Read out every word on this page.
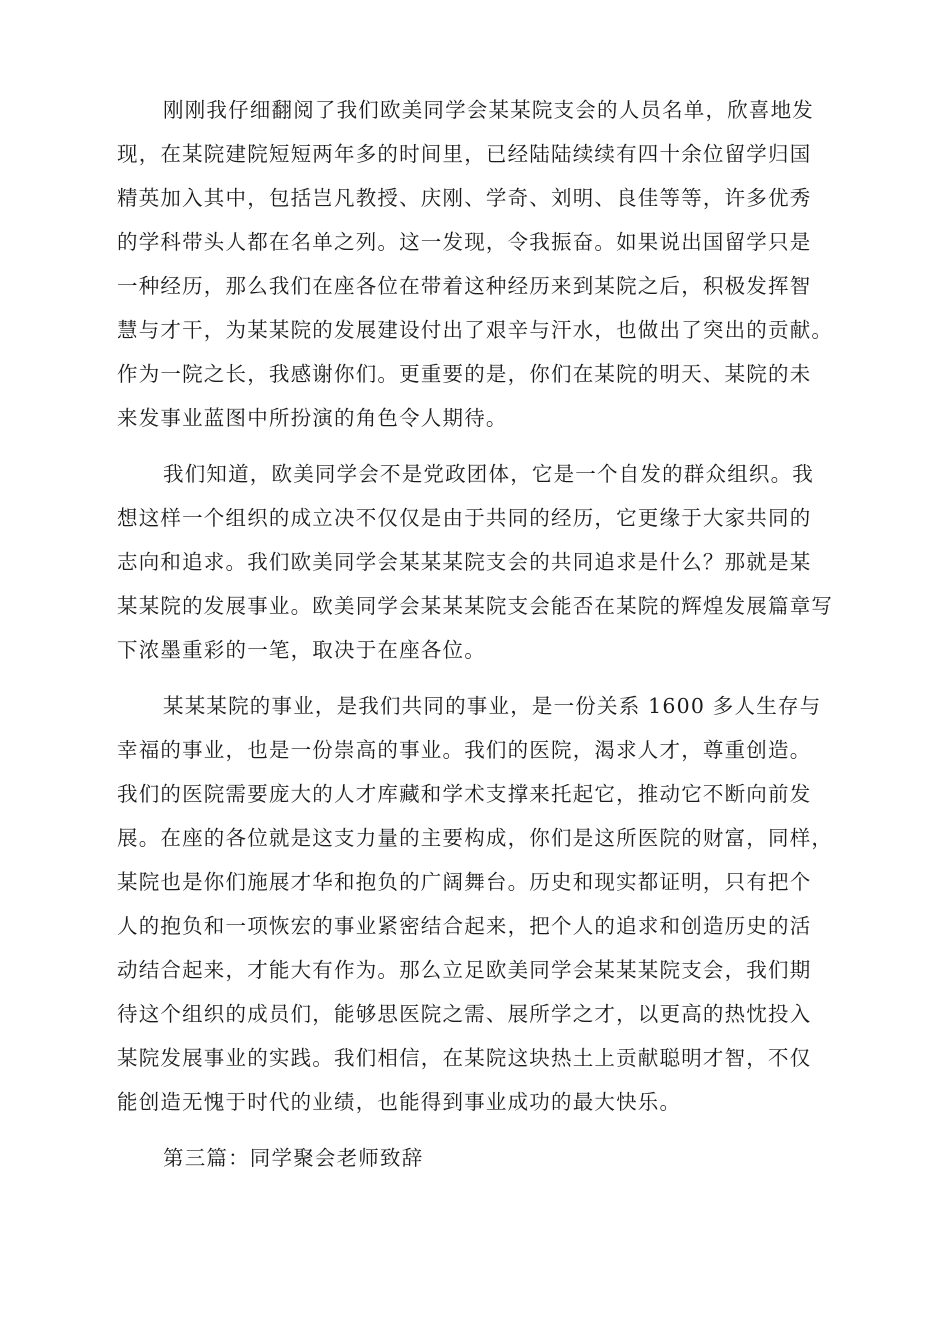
刚刚我仔细翻阅了我们欧美同学会某某院支会的人员名单，欣喜地发

现，在某院建院短短两年多的时间里，已经陆陆续续有四十余位留学归国

精英加入其中，包括岂凡教授、庆刚、学奇、刘明、良佳等等，许多优秀

的学科带头人都在名单之列。这一发现，令我振奋。如果说出国留学只是

一种经历，那么我们在座各位在带着这种经历来到某院之后，积极发挥智

慧与才干，为某某院的发展建设付出了艰辛与汗水，也做出了突出的贡献。

作为一院之长，我感谢你们。更重要的是，你们在某院的明天、某院的未

来发事业蓝图中所扮演的角色令人期待。

我们知道，欧美同学会不是党政团体，它是一个自发的群众组织。我

想这样一个组织的成立决不仅仅是由于共同的经历，它更缘于大家共同的

志向和追求。我们欧美同学会某某某院支会的共同追求是什么？那就是某

某某院的发展事业。欧美同学会某某某院支会能否在某院的辉煌发展篇章写

下浓墨重彩的一笔，取决于在座各位。

某某某院的事业，是我们共同的事业，是一份关系 1600 多人生存与

幸福的事业，也是一份崇高的事业。我们的医院，渴求人才，尊重创造。

我们的医院需要庞大的人才库藏和学术支撑来托起它，推动它不断向前发

展。在座的各位就是这支力量的主要构成，你们是这所医院的财富，同样，

某院也是你们施展才华和抱负的广阔舞台。历史和现实都证明，只有把个

人的抱负和一项恢宏的事业紧密结合起来，把个人的追求和创造历史的活

动结合起来，才能大有作为。那么立足欧美同学会某某某院支会，我们期

待这个组织的成员们，能够思医院之需、展所学之才，以更高的热忱投入

某院发展事业的实践。我们相信，在某院这块热土上贡献聪明才智，不仅

能创造无愧于时代的业绩，也能得到事业成功的最大快乐。

第三篇：同学聚会老师致辞
